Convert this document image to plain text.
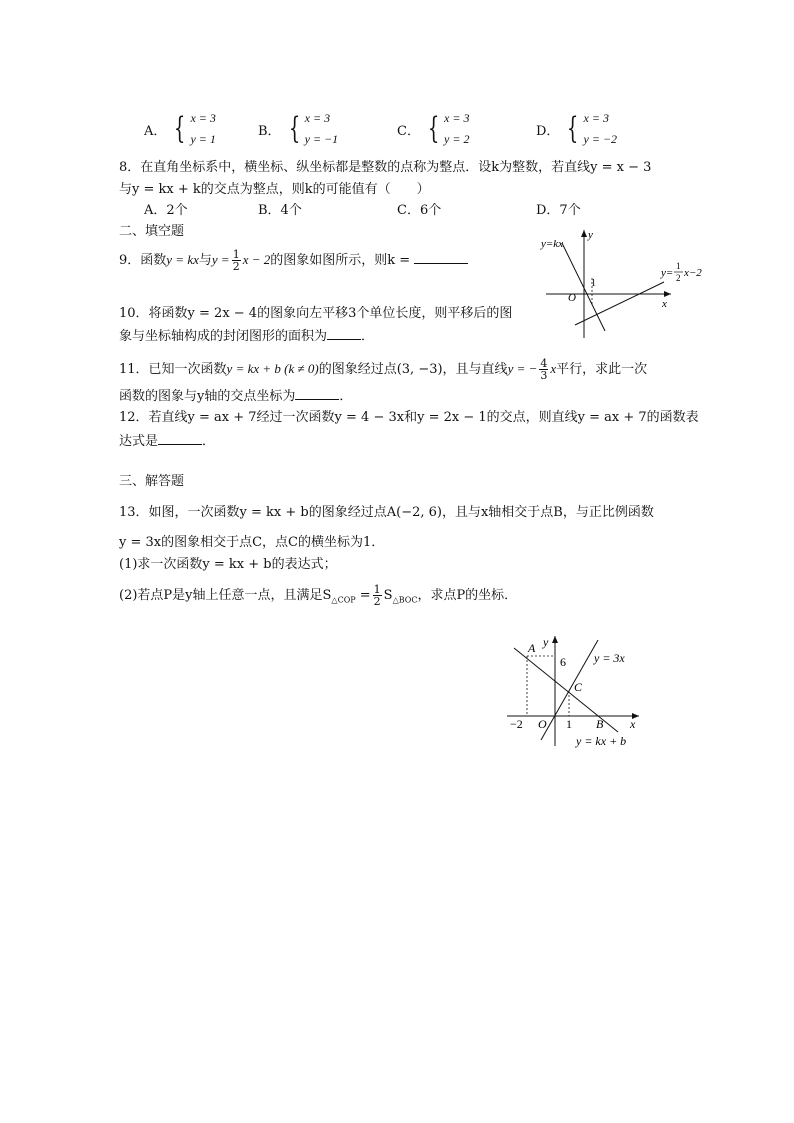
A． { x = 3
y = 1
B． { x = 3
y = −1
C． { x = 3
y = 2
D． { x = 3
y = −2
8．在直角坐标系中，横坐标、纵坐标都是整数的点称为整点．设k为整数，若直线y = x − 3
与y = kx + k的交点为整点，则k的可能值有（　　）
A．2个	B．4个	C．6个	D．7个
二、填空题
9．函数y = kx与$y = \frac{1}{2}$ x − 2的图象如图所示，则k =
y=kx
y
x
O
1
y=
1
2 x−2
10．将函数y = 2x − 4的图象向左平移3个单位长度，则平移后的图
象与坐标轴构成的封闭图形的面积为	．
11．已知一次函数y = kx + b (k ≠ 0)的图象经过点(3, −3)，且与直线y = − $\frac{4}{3}$ x平行，求此一次
函数的图象与y轴的交点坐标为	．
12．若直线y = ax + 7经过一次函数y = 4 − 3x和y = 2x − 1的交点，则直线y = ax + 7的函数表
达式是	．
三、解答题
13．如图，一次函数y = kx + b的图象经过点A(−2, 6)，且与x轴相交于点B，与正比例函数
y = 3x的图象相交于点C，点C的横坐标为1．
(1)求一次函数y = kx + b的表达式；
(2)若点P是y轴上任意一点，且满足$S_{\triangle COP} = \frac{1}{2} S_{\triangle BOC}$，求点P的坐标．
A y
6 y = 3x
C
−2 O 1 B x
y = kx + b
